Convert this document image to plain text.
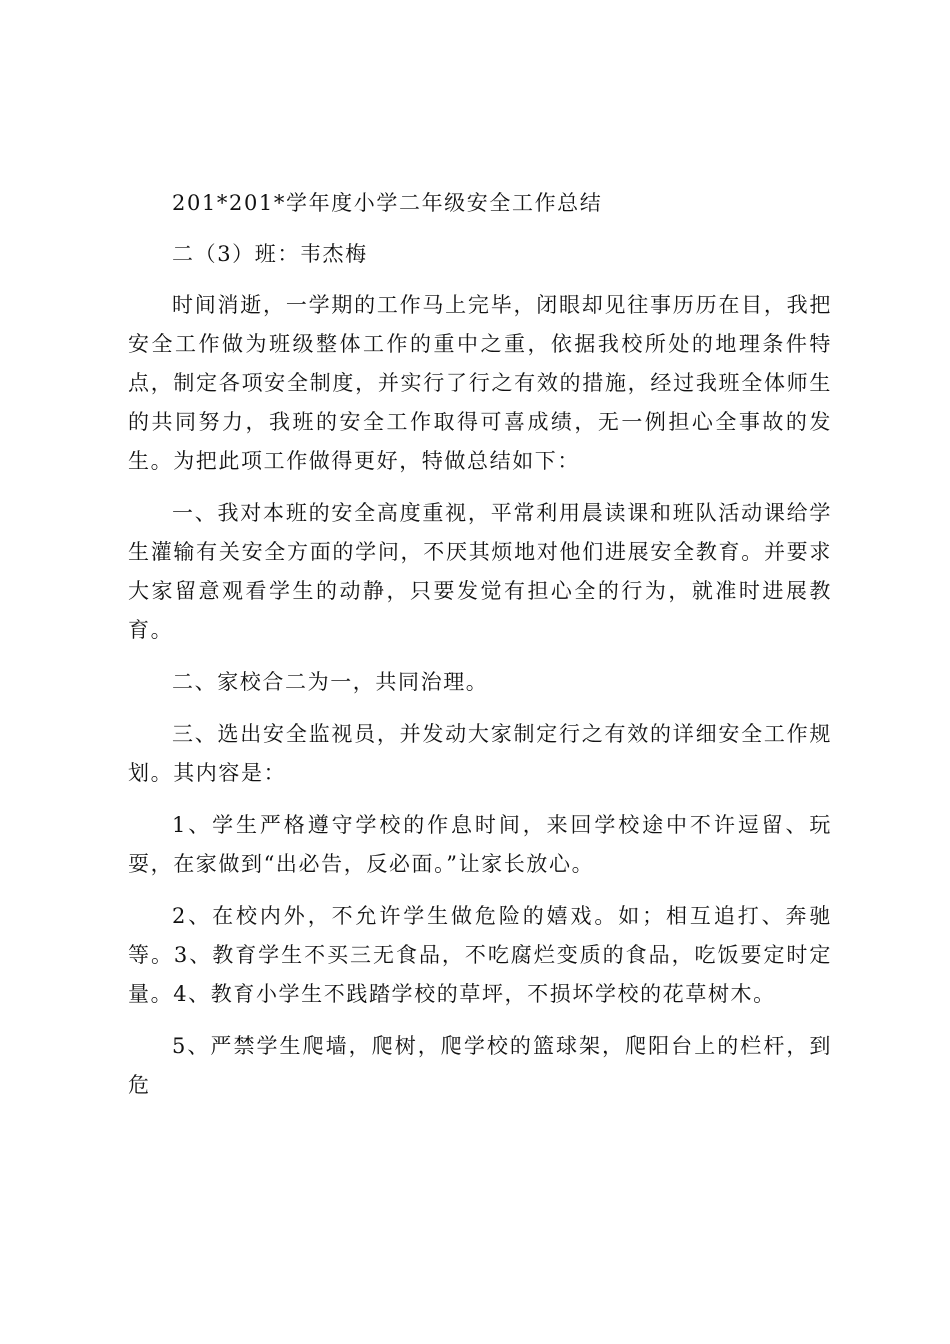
201*201*学年度小学二年级安全工作总结

二（3）班：韦杰梅

时间消逝，一学期的工作马上完毕，闭眼却见往事历历在目，我把安全工作做为班级整体工作的重中之重，依据我校所处的地理条件特点，制定各项安全制度，并实行了行之有效的措施，经过我班全体师生的共同努力，我班的安全工作取得可喜成绩，无一例担心全事故的发生。为把此项工作做得更好，特做总结如下：

一、我对本班的安全高度重视，平常利用晨读课和班队活动课给学生灌输有关安全方面的学问，不厌其烦地对他们进展安全教育。并要求大家留意观看学生的动静，只要发觉有担心全的行为，就准时进展教育。

二、家校合二为一，共同治理。

三、选出安全监视员，并发动大家制定行之有效的详细安全工作规划。其内容是：

1、学生严格遵守学校的作息时间，来回学校途中不许逗留、玩耍，在家做到“出必告，反必面。”让家长放心。

2、在校内外，不允许学生做危险的嬉戏。如；相互追打、奔驰等。3、教育学生不买三无食品，不吃腐烂变质的食品，吃饭要定时定量。4、教育小学生不践踏学校的草坪，不损坏学校的花草树木。

5、严禁学生爬墙，爬树，爬学校的篮球架，爬阳台上的栏杆，到危
